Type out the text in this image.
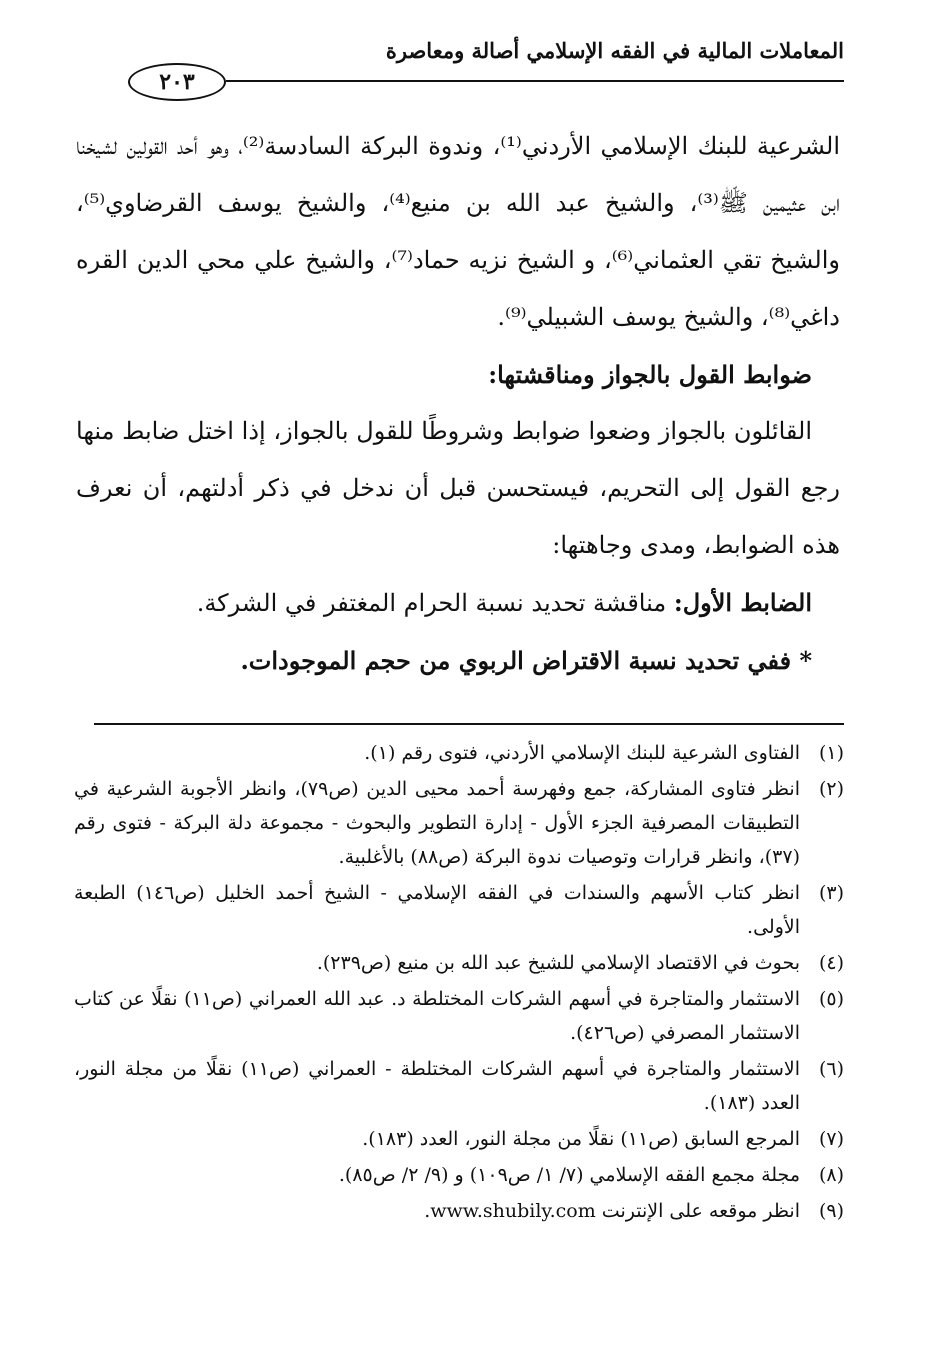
المعاملات المالية في الفقه الإسلامي أصالة ومعاصرة
٢٠٣

الشرعية للبنك الإسلامي الأردني⁽¹⁾، وندوة البركة السادسة⁽²⁾، وهو أحد القولين لشيخنا ابن عثيمين ﷺ⁽³⁾، والشيخ عبد الله بن منيع⁽⁴⁾، والشيخ يوسف القرضاوي⁽⁵⁾، والشيخ تقي العثماني⁽⁶⁾، و الشيخ نزيه حماد⁽⁷⁾، والشيخ علي محي الدين القره داغي⁽⁸⁾، والشيخ يوسف الشبيلي⁽⁹⁾.

ضوابط القول بالجواز ومناقشتها:

القائلون بالجواز وضعوا ضوابط وشروطًا للقول بالجواز، إذا اختل ضابط منها رجع القول إلى التحريم، فيستحسن قبل أن ندخل في ذكر أدلتهم، أن نعرف هذه الضوابط، ومدى وجاهتها:

الضابط الأول: مناقشة تحديد نسبة الحرام المغتفر في الشركة.

* ففي تحديد نسبة الاقتراض الربوي من حجم الموجودات.

(١)
الفتاوى الشرعية للبنك الإسلامي الأردني، فتوى رقم (١).
(٢)
انظر فتاوى المشاركة، جمع وفهرسة أحمد محيى الدين (ص٧٩)، وانظر الأجوبة الشرعية في التطبيقات المصرفية الجزء الأول - إدارة التطوير والبحوث - مجموعة دلة البركة - فتوى رقم (٣٧)، وانظر قرارات وتوصيات ندوة البركة (ص٨٨) بالأغلبية.
(٣)
انظر كتاب الأسهم والسندات في الفقه الإسلامي - الشيخ أحمد الخليل (ص١٤٦) الطبعة الأولى.
(٤)
بحوث في الاقتصاد الإسلامي للشيخ عبد الله بن منيع (ص٢٣٩).
(٥)
الاستثمار والمتاجرة في أسهم الشركات المختلطة د. عبد الله العمراني (ص١١) نقلًا عن كتاب الاستثمار المصرفي (ص٤٢٦).
(٦)
الاستثمار والمتاجرة في أسهم الشركات المختلطة - العمراني (ص١١) نقلًا من مجلة النور، العدد (١٨٣).
(٧)
المرجع السابق (ص١١) نقلًا من مجلة النور، العدد (١٨٣).
(٨)
مجلة مجمع الفقه الإسلامي (٧/ ١/ ص١٠٩) و (٩/ ٢/ ص٨٥).
(٩)
انظر موقعه على الإنترنت www.shubily.com.
